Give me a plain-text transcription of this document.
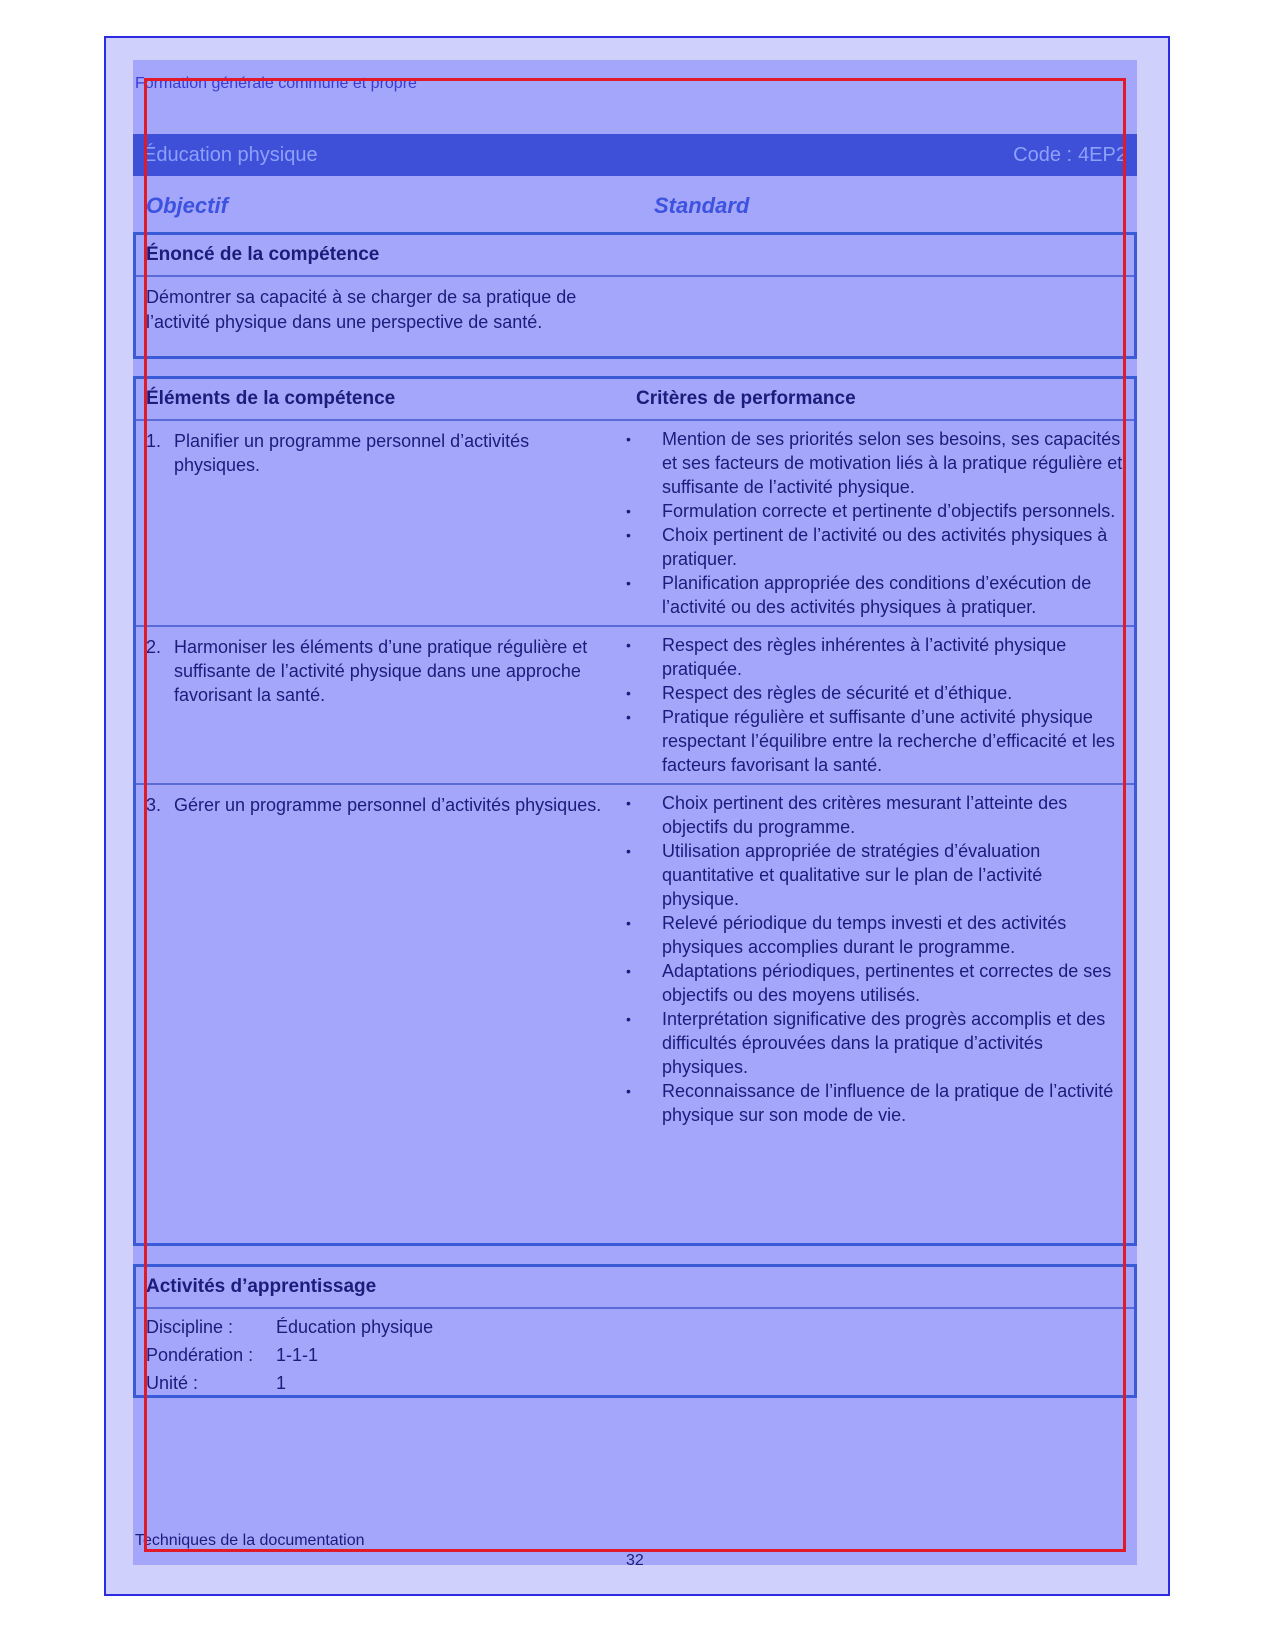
Formation générale commune et propre
Éducation physique	Code : 4EP2
Objectif	Standard
Énoncé de la compétence
Démontrer sa capacité à se charger de sa pratique de l’activité physique dans une perspective de santé.
Éléments de la compétence	Critères de performance
1. Planifier un programme personnel d’activités physiques.
•	Mention de ses priorités selon ses besoins, ses capacités et ses facteurs de motivation liés à la pratique régulière et suffisante de l’activité physique.
•	Formulation correcte et pertinente d’objectifs personnels.
•	Choix pertinent de l’activité ou des activités physiques à pratiquer.
•	Planification appropriée des conditions d’exécution de l’activité ou des activités physiques à pratiquer.
2. Harmoniser les éléments d’une pratique régulière et suffisante de l’activité physique dans une approche favorisant la santé.
•	Respect des règles inhérentes à l’activité physique pratiquée.
•	Respect des règles de sécurité et d’éthique.
•	Pratique régulière et suffisante d’une activité physique respectant l’équilibre entre la recherche d’efficacité et les facteurs favorisant la santé.
3. Gérer un programme personnel d’activités physiques. •	Choix pertinent des critères mesurant l’atteinte des objectifs du programme.
•	Utilisation appropriée de stratégies d’évaluation quantitative et qualitative sur le plan de l’activité physique.
•	Relevé périodique du temps investi et des activités physiques accomplies durant le programme.
•	Adaptations périodiques, pertinentes et correctes de ses objectifs ou des moyens utilisés.
•	Interprétation significative des progrès accomplis et des difficultés éprouvées dans la pratique d’activités physiques.
•	Reconnaissance de l’influence de la pratique de l’activité physique sur son mode de vie.
Activités d’apprentissage
Discipline :	Éducation physique
Pondération :	1-1-1
Unité :	1
Techniques de la documentation
32
